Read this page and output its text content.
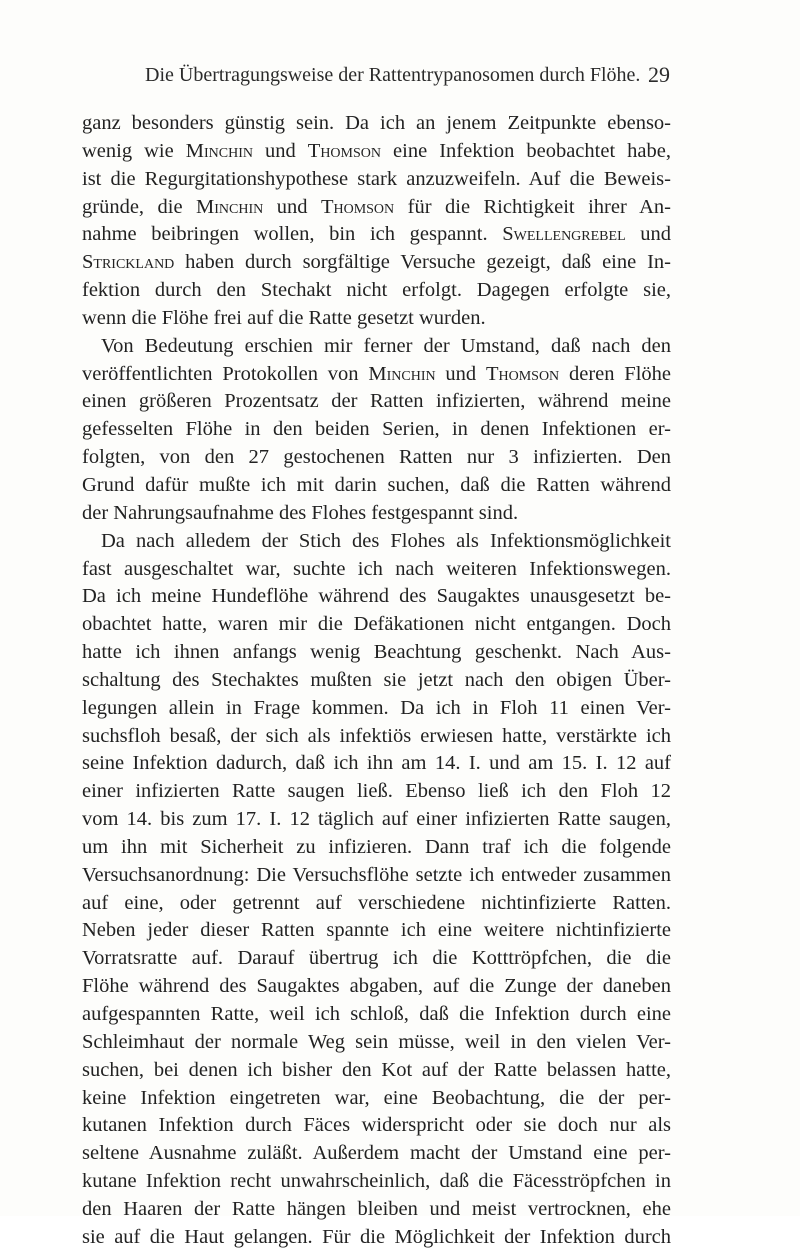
Die Übertragungsweise der Rattentrypanosomen durch Flöhe. 29
ganz besonders günstig sein. Da ich an jenem Zeitpunkte ebenso-
wenig wie Minchin und Thomson eine Infektion beobachtet habe,
ist die Regurgitationshypothese stark anzuzweifeln. Auf die Beweis-
gründe, die Minchin und Thomson für die Richtigkeit ihrer An-
nahme beibringen wollen, bin ich gespannt. Swellengrebel und
Strickland haben durch sorgfältige Versuche gezeigt, daß eine In-
fektion durch den Stechakt nicht erfolgt. Dagegen erfolgte sie,
wenn die Flöhe frei auf die Ratte gesetzt wurden.
Von Bedeutung erschien mir ferner der Umstand, daß nach den
veröffentlichten Protokollen von Minchin und Thomson deren Flöhe
einen größeren Prozentsatz der Ratten infizierten, während meine
gefesselten Flöhe in den beiden Serien, in denen Infektionen er-
folgten, von den 27 gestochenen Ratten nur 3 infizierten. Den
Grund dafür mußte ich mit darin suchen, daß die Ratten während
der Nahrungsaufnahme des Flohes festgespannt sind.
Da nach alledem der Stich des Flohes als Infektionsmöglichkeit
fast ausgeschaltet war, suchte ich nach weiteren Infektionswegen.
Da ich meine Hundeflöhe während des Saugaktes unausgesetzt be-
obachtet hatte, waren mir die Defäkationen nicht entgangen. Doch
hatte ich ihnen anfangs wenig Beachtung geschenkt. Nach Aus-
schaltung des Stechaktes mußten sie jetzt nach den obigen Über-
legungen allein in Frage kommen. Da ich in Floh 11 einen Ver-
suchsfloh besaß, der sich als infektiös erwiesen hatte, verstärkte ich
seine Infektion dadurch, daß ich ihn am 14. I. und am 15. I. 12 auf
einer infizierten Ratte saugen ließ. Ebenso ließ ich den Floh 12
vom 14. bis zum 17. I. 12 täglich auf einer infizierten Ratte saugen,
um ihn mit Sicherheit zu infizieren. Dann traf ich die folgende
Versuchsanordnung: Die Versuchsflöhe setzte ich entweder zusammen
auf eine, oder getrennt auf verschiedene nichtinfizierte Ratten.
Neben jeder dieser Ratten spannte ich eine weitere nichtinfizierte
Vorratsratte auf. Darauf übertrug ich die Kotttröpfchen, die die
Flöhe während des Saugaktes abgaben, auf die Zunge der daneben
aufgespannten Ratte, weil ich schloß, daß die Infektion durch eine
Schleimhaut der normale Weg sein müsse, weil in den vielen Ver-
suchen, bei denen ich bisher den Kot auf der Ratte belassen hatte,
keine Infektion eingetreten war, eine Beobachtung, die der per-
kutanen Infektion durch Fäces widerspricht oder sie doch nur als
seltene Ausnahme zuläßt. Außerdem macht der Umstand eine per-
kutane Infektion recht unwahrscheinlich, daß die Fäcesströpfchen in
den Haaren der Ratte hängen bleiben und meist vertrocknen, ehe
sie auf die Haut gelangen. Für die Möglichkeit der Infektion durch
